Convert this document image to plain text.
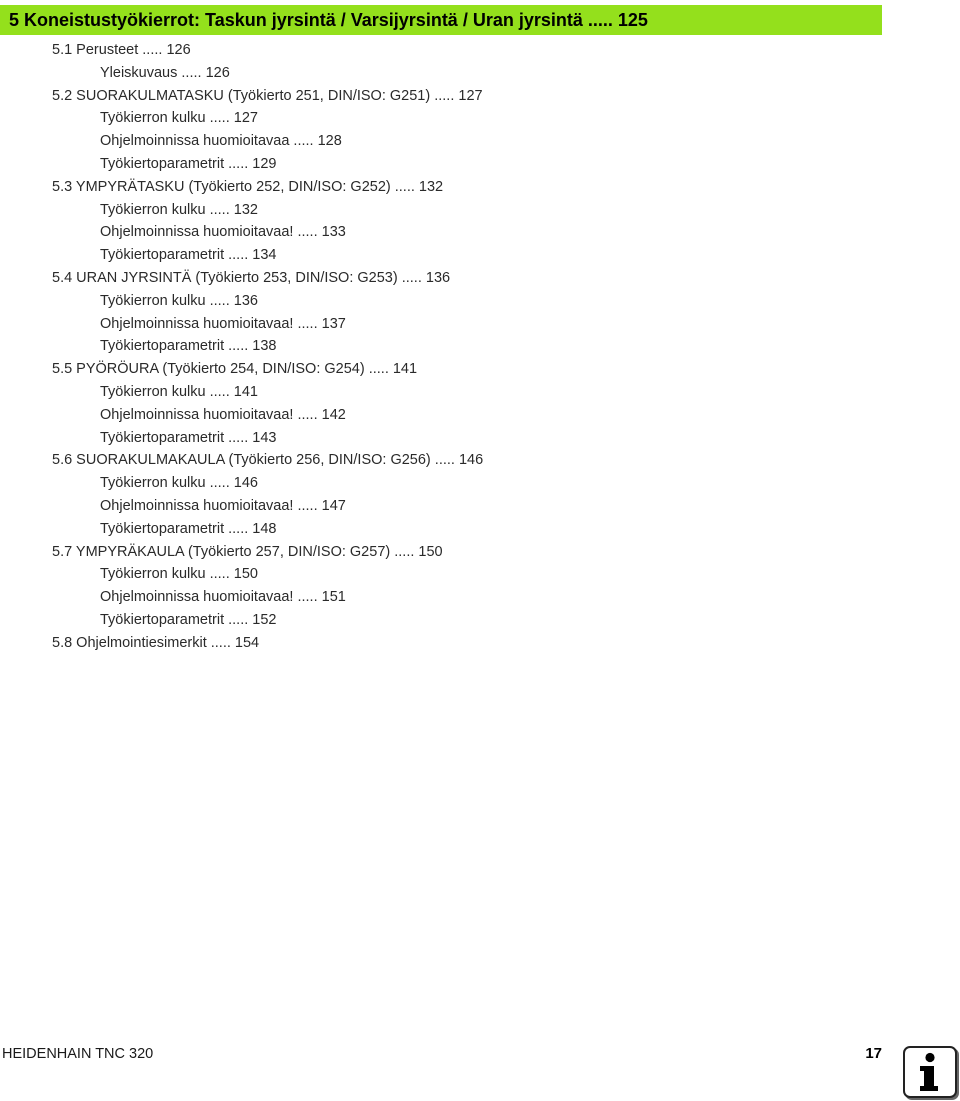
5 Koneistustyökierrot: Taskun jyrsintä / Varsijyrsintä / Uran jyrsintä ..... 125
5.1 Perusteet ..... 126
Yleiskuvaus ..... 126
5.2 SUORAKULMATASKU (Työkierto 251, DIN/ISO: G251) ..... 127
Työkierron kulku ..... 127
Ohjelmoinnissa huomioitavaa ..... 128
Työkiertoparametrit ..... 129
5.3 YMPYRÄTASKU (Työkierto 252, DIN/ISO: G252) ..... 132
Työkierron kulku ..... 132
Ohjelmoinnissa huomioitavaa! ..... 133
Työkiertoparametrit ..... 134
5.4 URAN JYRSINTÄ (Työkierto 253, DIN/ISO: G253) ..... 136
Työkierron kulku ..... 136
Ohjelmoinnissa huomioitavaa! ..... 137
Työkiertoparametrit ..... 138
5.5 PYÖRÖURA (Työkierto 254, DIN/ISO: G254) ..... 141
Työkierron kulku ..... 141
Ohjelmoinnissa huomioitavaa! ..... 142
Työkiertoparametrit ..... 143
5.6 SUORAKULMAKAULA (Työkierto 256, DIN/ISO: G256) ..... 146
Työkierron kulku ..... 146
Ohjelmoinnissa huomioitavaa! ..... 147
Työkiertoparametrit ..... 148
5.7 YMPYRÄKAULA (Työkierto 257, DIN/ISO: G257) ..... 150
Työkierron kulku ..... 150
Ohjelmoinnissa huomioitavaa! ..... 151
Työkiertoparametrit ..... 152
5.8 Ohjelmointiesimerkit ..... 154
HEIDENHAIN TNC 320	17
